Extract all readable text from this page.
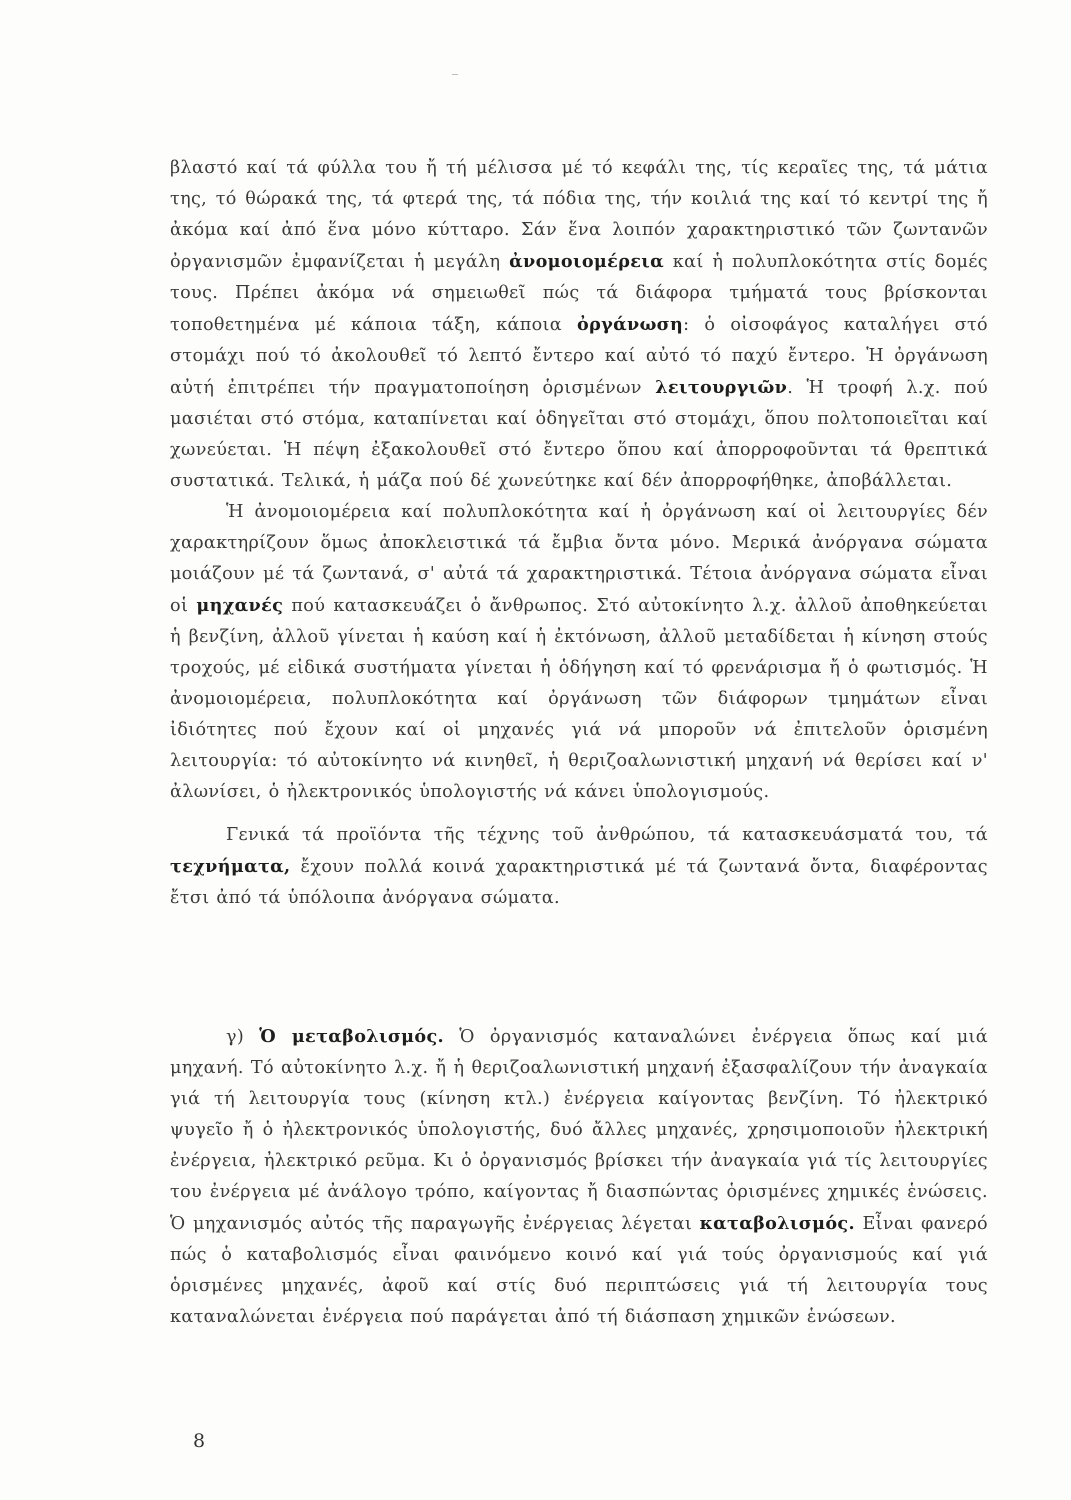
βλαστό καί τά φύλλα του ἤ τή μέλισσα μέ τό κεφάλι της, τίς κεραῖες της, τά μάτια της, τό θώρακά της, τά φτερά της, τά πόδια της, τήν κοιλιά της καί τό κεντρί της ἤ ἀκόμα καί ἀπό ἕνα μόνο κύτταρο. Σάν ἕνα λοιπόν χαρακτηριστικό τῶν ζωντανῶν ὀργανισμῶν ἐμφανίζεται ἡ μεγάλη ἀνομοιομέρεια καί ἡ πολυπλοκότητα στίς δομές τους. Πρέπει ἀκόμα νά σημειωθεῖ πώς τά διάφορα τμήματά τους βρίσκονται τοποθετημένα μέ κάποια τάξη, κάποια ὀργάνωση: ὁ οἰσοφάγος καταλήγει στό στομάχι πού τό ἀκολουθεῖ τό λεπτό ἔντερο καί αὐτό τό παχύ ἔντερο. Ἡ ὀργάνωση αὐτή ἐπιτρέπει τήν πραγματοποίηση ὁρισμένων λειτουργιῶν. Ἡ τροφή λ.χ. πού μασιέται στό στόμα, καταπίνεται καί ὁδηγεῖται στό στομάχι, ὅπου πολτοποιεῖται καί χωνεύεται. Ἡ πέψη ἐξακολουθεῖ στό ἔντερο ὅπου καί ἀπορροφοῦνται τά θρεπτικά συστατικά. Τελικά, ἡ μάζα πού δέ χωνεύτηκε καί δέν ἀπορροφήθηκε, ἀποβάλλεται.

Ἡ ἀνομοιομέρεια καί πολυπλοκότητα καί ἡ ὀργάνωση καί οἱ λειτουργίες δέν χαρακτηρίζουν ὅμως ἀποκλειστικά τά ἔμβια ὄντα μόνο. Μερικά ἀνόργανα σώματα μοιάζουν μέ τά ζωντανά, σ' αὐτά τά χαρακτηριστικά. Τέτοια ἀνόργανα σώματα εἶναι οἱ μηχανές πού κατασκευάζει ὁ ἄνθρωπος. Στό αὐτοκίνητο λ.χ. ἀλλοῦ ἀποθηκεύεται ἡ βενζίνη, ἀλλοῦ γίνεται ἡ καύση καί ἡ ἐκτόνωση, ἀλλοῦ μεταδίδεται ἡ κίνηση στούς τροχούς, μέ εἰδικά συστήματα γίνεται ἡ ὁδήγηση καί τό φρενάρισμα ἤ ὁ φωτισμός. Ἡ ἀνομοιομέρεια, πολυπλοκότητα καί ὀργάνωση τῶν διάφορων τμημάτων εἶναι ἰδιότητες πού ἔχουν καί οἱ μηχανές γιά νά μποροῦν νά ἐπιτελοῦν ὁρισμένη λειτουργία: τό αὐτοκίνητο νά κινηθεῖ, ἡ θεριζοαλωνιστική μηχανή νά θερίσει καί ν' ἀλωνίσει, ὁ ἠλεκτρονικός ὑπολογιστής νά κάνει ὑπολογισμούς.

Γενικά τά προϊόντα τῆς τέχνης τοῦ ἀνθρώπου, τά κατασκευάσματά του, τά τεχνήματα, ἔχουν πολλά κοινά χαρακτηριστικά μέ τά ζωντανά ὄντα, διαφέροντας ἔτσι ἀπό τά ὑπόλοιπα ἀνόργανα σώματα.

γ) Ὁ μεταβολισμός. Ὁ ὀργανισμός καταναλώνει ἐνέργεια ὅπως καί μιά μηχανή. Τό αὐτοκίνητο λ.χ. ἤ ἡ θεριζοαλωνιστική μηχανή ἐξασφαλίζουν τήν ἀναγκαία γιά τή λειτουργία τους (κίνηση κτλ.) ἐνέργεια καίγοντας βενζίνη. Τό ἠλεκτρικό ψυγεῖο ἤ ὁ ἠλεκτρονικός ὑπολογιστής, δυό ἄλλες μηχανές, χρησιμοποιοῦν ἠλεκτρική ἐνέργεια, ἠλεκτρικό ρεῦμα. Κι ὁ ὀργανισμός βρίσκει τήν ἀναγκαία γιά τίς λειτουργίες του ἐνέργεια μέ ἀνάλογο τρόπο, καίγοντας ἤ διασπώντας ὁρισμένες χημικές ἑνώσεις. Ὁ μηχανισμός αὐτός τῆς παραγωγῆς ἐνέργειας λέγεται καταβολισμός. Εἶναι φανερό πώς ὁ καταβολισμός εἶναι φαινόμενο κοινό καί γιά τούς ὀργανισμούς καί γιά ὁρισμένες μηχανές, ἀφοῦ καί στίς δυό περιπτώσεις γιά τή λειτουργία τους καταναλώνεται ἐνέργεια πού παράγεται ἀπό τή διάσπαση χημικῶν ἑνώσεων.

8
